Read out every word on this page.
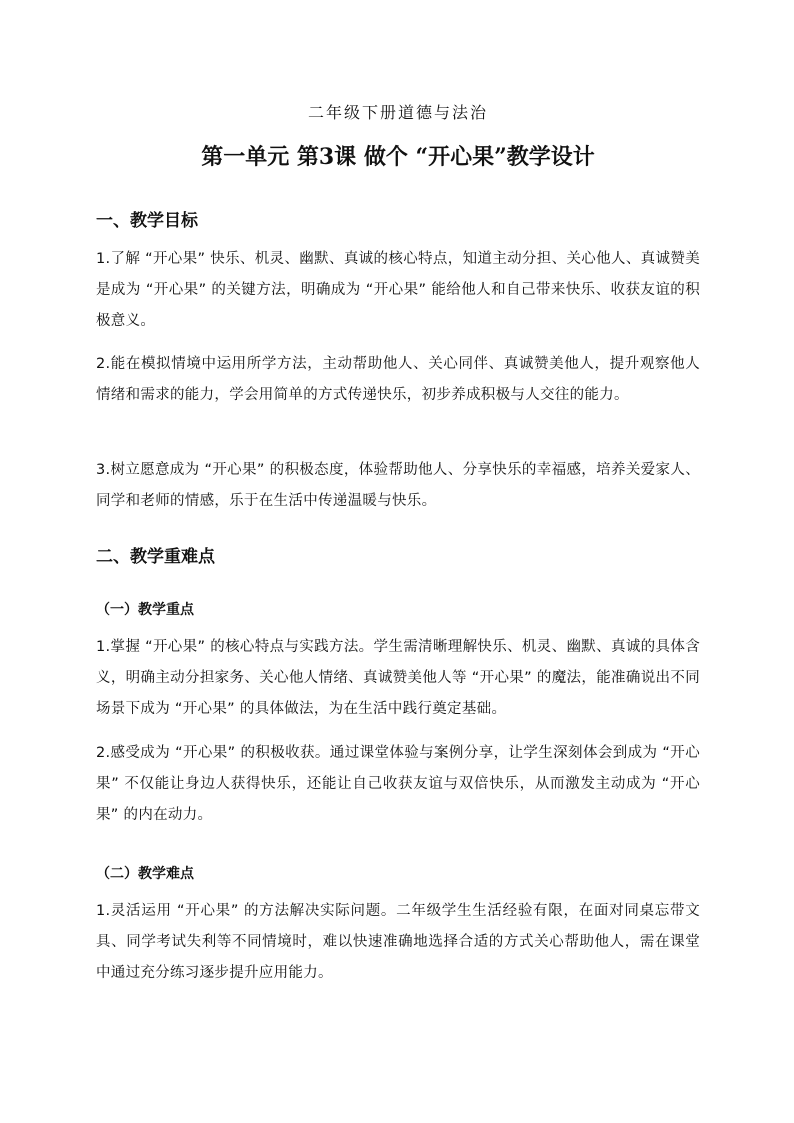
二年级下册道德与法治
第一单元 第3课 做个 “开心果”教学设计
一、教学目标
1.了解 “开心果” 快乐、机灵、幽默、真诚的核心特点，知道主动分担、关心他人、真诚赞美是成为 “开心果” 的关键方法，明确成为 “开心果” 能给他人和自己带来快乐、收获友谊的积极意义。
2.能在模拟情境中运用所学方法，主动帮助他人、关心同伴、真诚赞美他人，提升观察他人情绪和需求的能力，学会用简单的方式传递快乐，初步养成积极与人交往的能力。
3.树立愿意成为 “开心果” 的积极态度，体验帮助他人、分享快乐的幸福感，培养关爱家人、同学和老师的情感，乐于在生活中传递温暖与快乐。
二、教学重难点
（一）教学重点
1.掌握 “开心果” 的核心特点与实践方法。学生需清晰理解快乐、机灵、幽默、真诚的具体含义，明确主动分担家务、关心他人情绪、真诚赞美他人等 “开心果” 的魔法，能准确说出不同场景下成为 “开心果” 的具体做法，为在生活中践行奠定基础。
2.感受成为 “开心果” 的积极收获。通过课堂体验与案例分享，让学生深刻体会到成为 “开心果” 不仅能让身边人获得快乐，还能让自己收获友谊与双倍快乐，从而激发主动成为 “开心果” 的内在动力。
（二）教学难点
1.灵活运用 “开心果” 的方法解决实际问题。二年级学生生活经验有限，在面对同桌忘带文具、同学考试失利等不同情境时，难以快速准确地选择合适的方式关心帮助他人，需在课堂中通过充分练习逐步提升应用能力。
